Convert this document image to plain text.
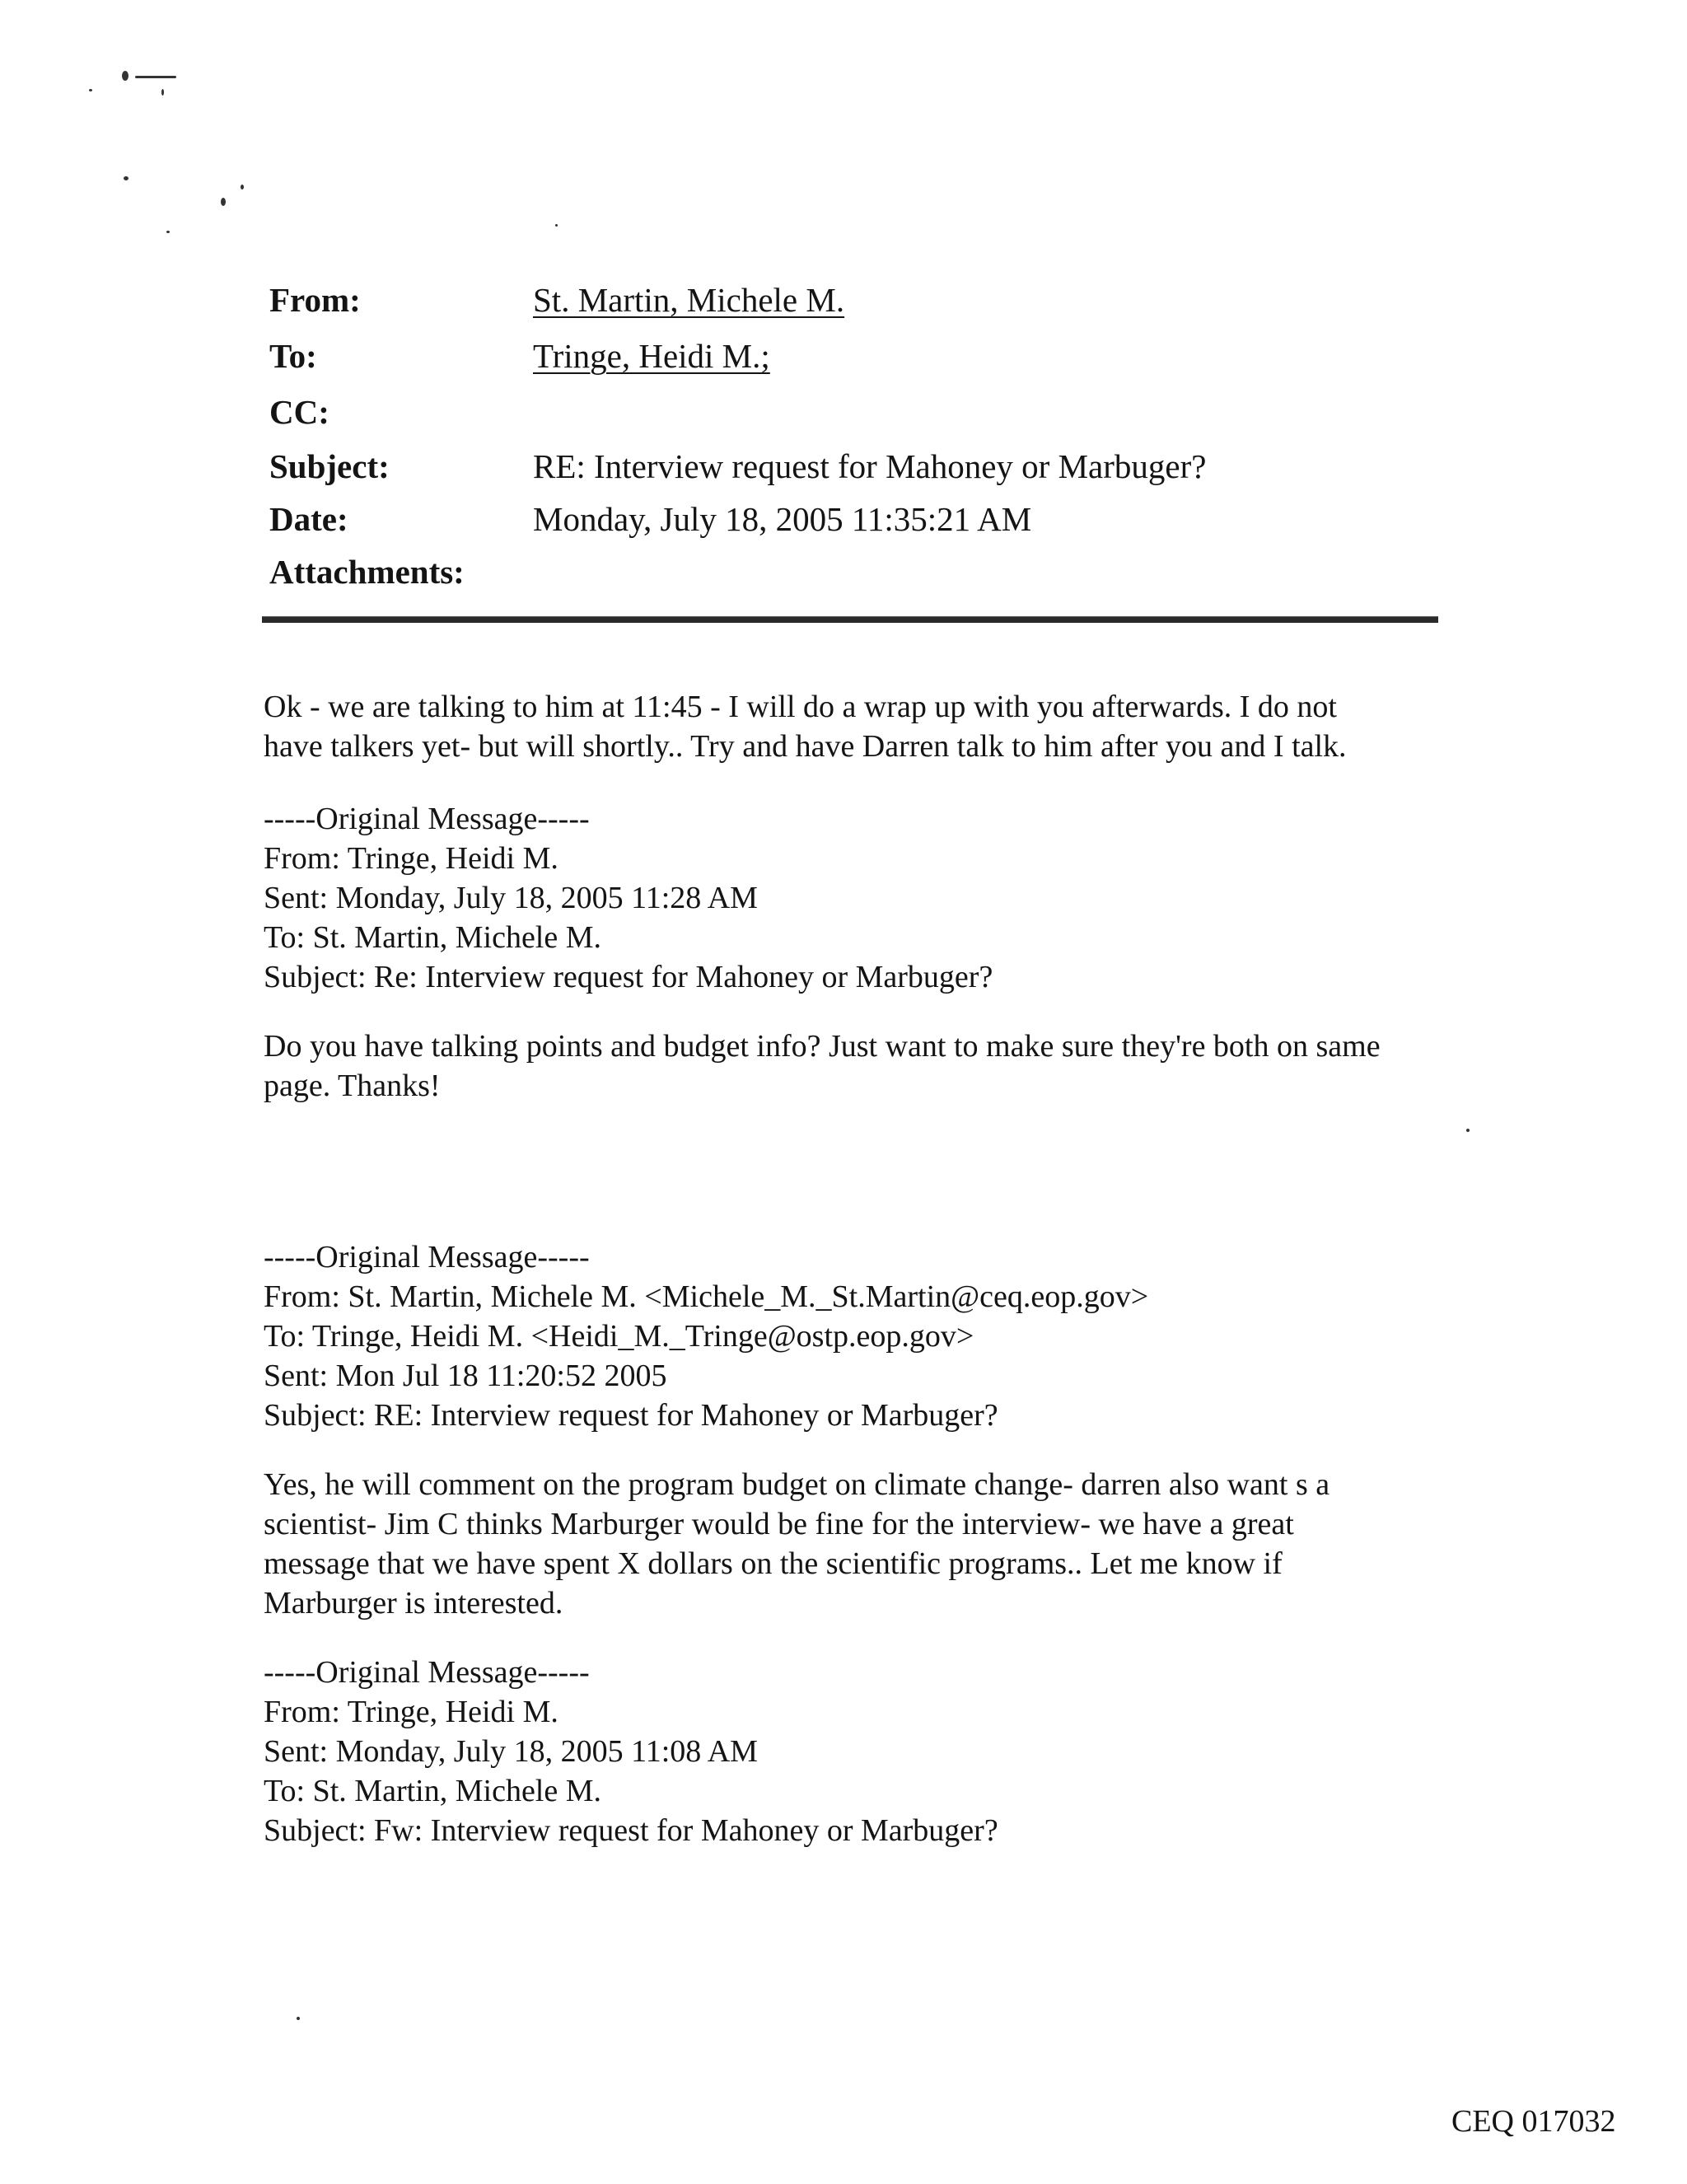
From:	St. Martin, Michele M.
To:	Tringe, Heidi M.;
CC:
Subject:	RE: Interview request for Mahoney or Marbuger?
Date:	Monday, July 18, 2005 11:35:21 AM
Attachments:
Ok - we are talking to him at 11:45 - I will do a wrap up with you afterwards. I do not
have talkers yet- but will shortly.. Try and have Darren talk to him after you and I talk.
-----Original Message-----
From: Tringe, Heidi M.
Sent: Monday, July 18, 2005 11:28 AM
To: St. Martin, Michele M.
Subject: Re: Interview request for Mahoney or Marbuger?
Do you have talking points and budget info? Just want to make sure they're both on same
page. Thanks!
-----Original Message-----
From: St. Martin, Michele M. <Michele_M._St.Martin@ceq.eop.gov>
To: Tringe, Heidi M. <Heidi_M._Tringe@ostp.eop.gov>
Sent: Mon Jul 18 11:20:52 2005
Subject: RE: Interview request for Mahoney or Marbuger?
Yes, he will comment on the program budget on climate change- darren also want s a
scientist- Jim C thinks Marburger would be fine for the interview- we have a great
message that we have spent X dollars on the scientific programs.. Let me know if
Marburger is interested.
-----Original Message-----
From: Tringe, Heidi M.
Sent: Monday, July 18, 2005 11:08 AM
To: St. Martin, Michele M.
Subject: Fw: Interview request for Mahoney or Marbuger?
CEQ 017032
